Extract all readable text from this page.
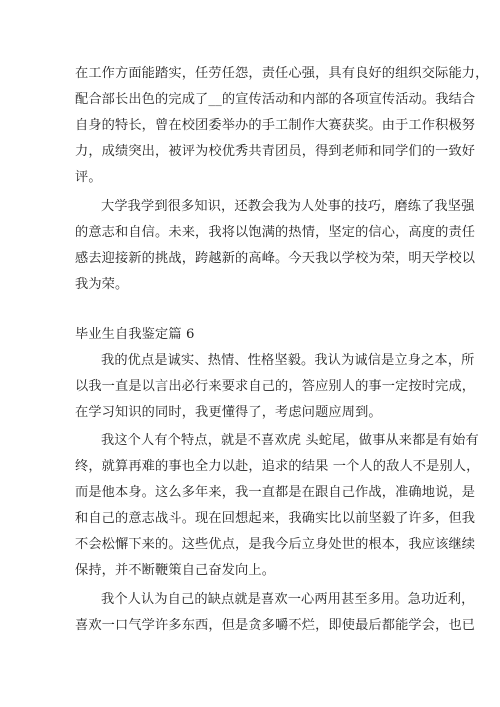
在工作方面能踏实，任劳任怨，责任心强，具有良好的组织交际能力，
配合部长出色的完成了__的宣传活动和内部的各项宣传活动。我结合
自身的特长，曾在校团委举办的手工制作大赛获奖。由于工作积极努
力，成绩突出，被评为校优秀共青团员，得到老师和同学们的一致好
评。
大学我学到很多知识，还教会我为人处事的技巧，磨练了我坚强
的意志和自信。未来，我将以饱满的热情，坚定的信心，高度的责任
感去迎接新的挑战，跨越新的高峰。今天我以学校为荣，明天学校以
我为荣。
毕业生自我鉴定篇 6
我的优点是诚实、热情、性格坚毅。我认为诚信是立身之本，所
以我一直是以言出必行来要求自己的，答应别人的事一定按时完成，
在学习知识的同时，我更懂得了，考虑问题应周到。
我这个人有个特点，就是不喜欢虎 头蛇尾，做事从来都是有始有
终，就算再难的事也全力以赴，追求的结果 一个人的敌人不是别人，
而是他本身。这么多年来，我一直都是在跟自己作战，准确地说，是
和自己的意志战斗。现在回想起来，我确实比以前坚毅了许多，但我
不会松懈下来的。这些优点，是我今后立身处世的根本，我应该继续
保持，并不断鞭策自己奋发向上。
我个人认为自己的缺点就是喜欢一心两用甚至多用。急功近利，
喜欢一口气学许多东西，但是贪多嚼不烂，即使最后都能学会，也已
